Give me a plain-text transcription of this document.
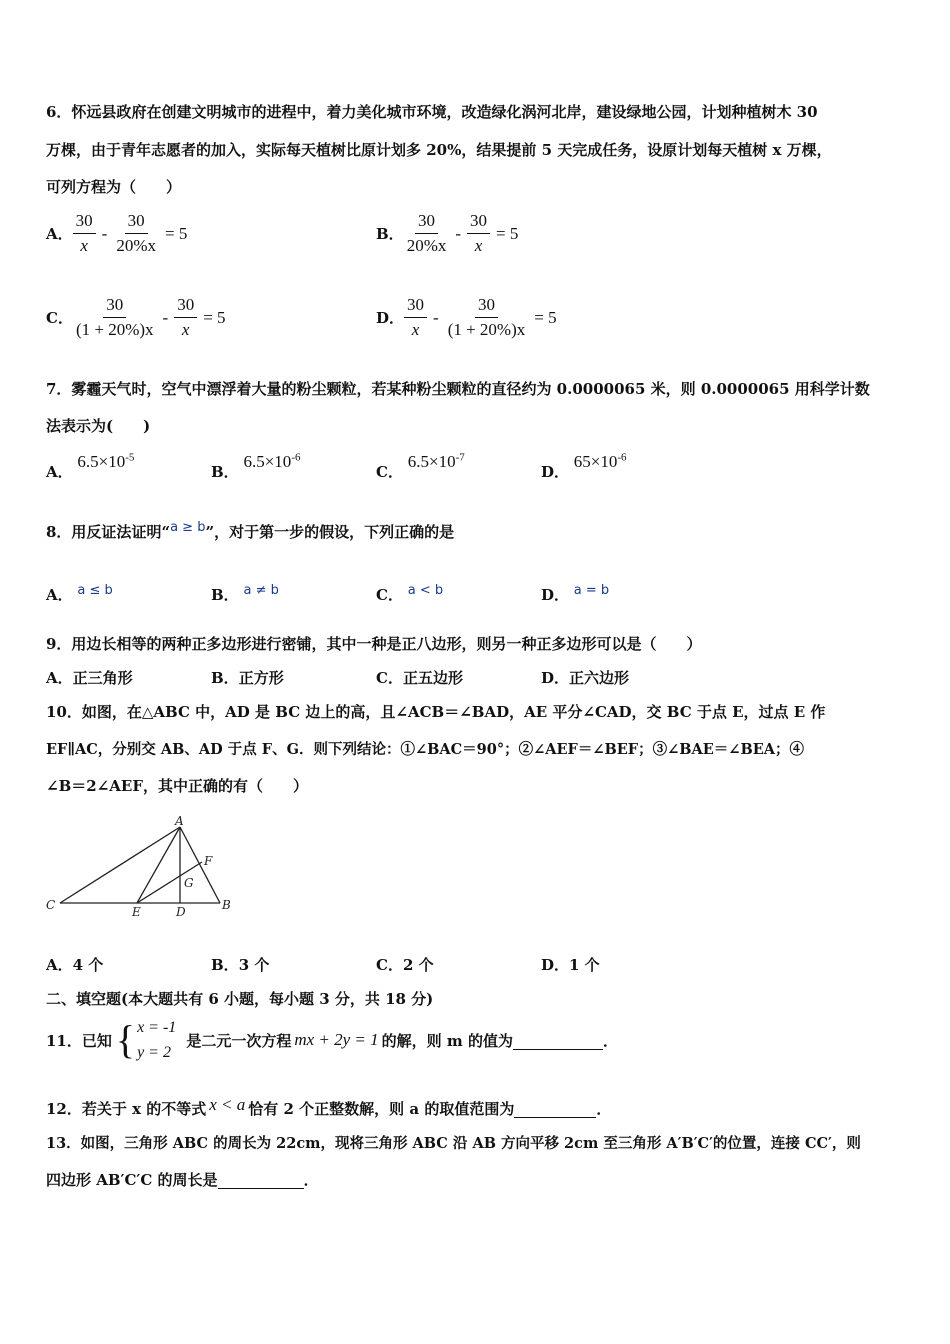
6．怀远县政府在创建文明城市的进程中，着力美化城市环境，改造绿化涡河北岸，建设绿地公园，计划种植树木 30
万棵，由于青年志愿者的加入，实际每天植树比原计划多 20%，结果提前 5 天完成任务，设原计划每天植树 x 万棵，
可列方程为（　　）
A． $\frac{30}{x} - \frac{30}{20\%x} = 5$	B． $\frac{30}{20\%x} - \frac{30}{x} = 5$
C． $\frac{30}{(1 + 20\%)x} - \frac{30}{x} = 5$	D． $\frac{30}{x} - \frac{30}{(1 + 20\%)x} = 5$
7．雾霾天气时，空气中漂浮着大量的粉尘颗粒，若某种粉尘颗粒的直径约为 0.0000065 米，则 0.0000065 用科学计数
法表示为(　　)
A． $6.5\times 10^{-5}$
B． $6.5\times 10^{-6}$
C． $6.5\times 10^{-7}$
D． $65\times 10^{-6}$
8．用反证法证明“a ≥ b”，对于第一步的假设，下列正确的是
A． a ≤ b	B． a ≠ b	C． a < b	D． a = b
9．用边长相等的两种正多边形进行密铺，其中一种是正八边形，则另一种正多边形可以是（　　）
A．正三角形	B．正方形	C．正五边形	D．正六边形
10．如图，在△ABC 中，AD 是 BC 边上的高，且∠ACB＝∠BAD，AE 平分∠CAD，交 BC 于点 E，过点 E 作
EF∥AC，分别交 AB、AD 于点 F、G．则下列结论：①∠BAC＝90°；②∠AEF＝∠BEF；③∠BAE＝∠BEA；④
∠B＝2∠AEF，其中正确的有（　　）
A
F
G
C	E	D	B
A．4 个	B．3 个	C．2 个	D．1 个
二、填空题(本大题共有 6 小题，每小题 3 分，共 18 分)
11．已知 { x = -1
y = 2
是二元一次方程 mx + 2y = 1 的解，则 m 的值为	．
12．若关于 x 的不等式 x < a 恰有 2 个正整数解，则 a 的取值范围为	．
13．如图，三角形 ABC 的周长为 22cm，现将三角形 ABC 沿 AB 方向平移 2cm 至三角形 A′B′C′的位置，连接 CC′，则
四边形 AB′C′C 的周长是	．
